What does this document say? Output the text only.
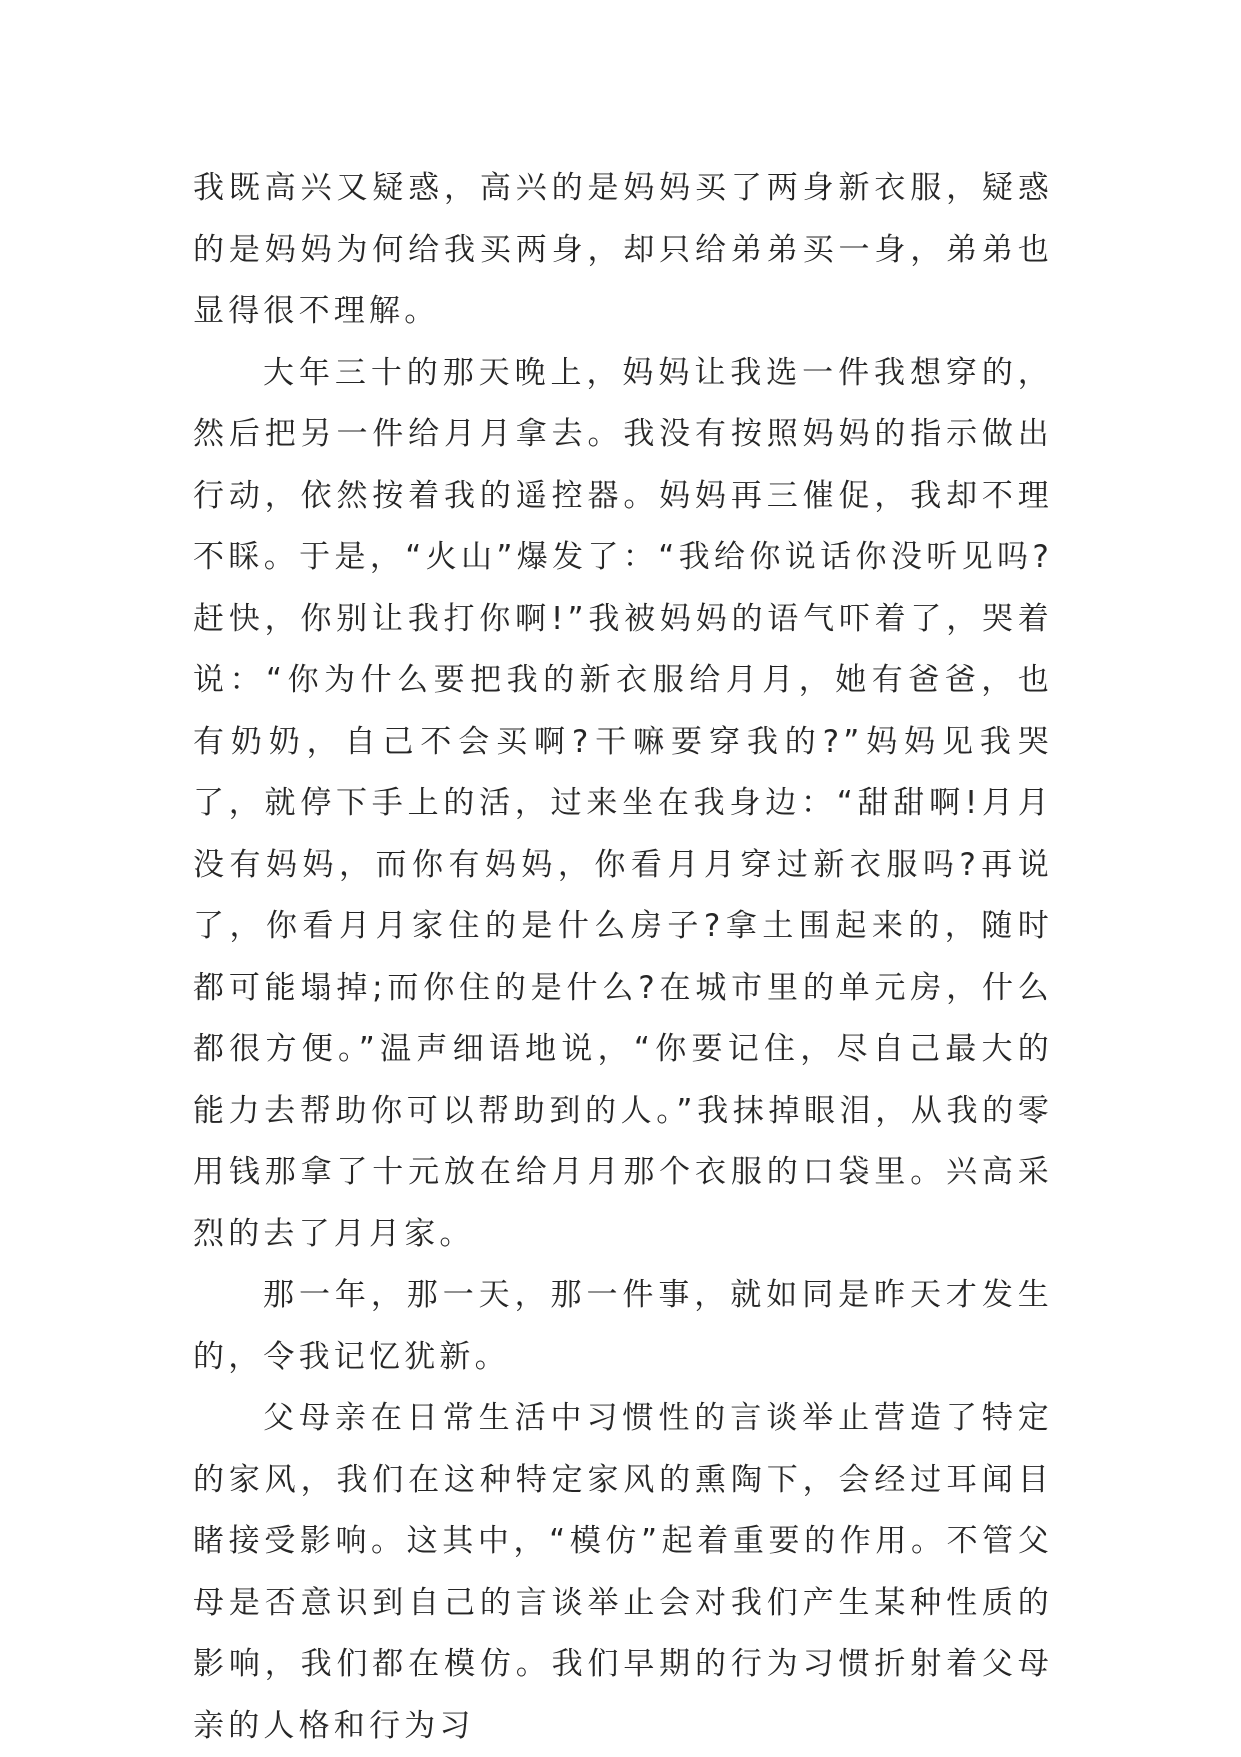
我既高兴又疑惑，高兴的是妈妈买了两身新衣服，疑惑的是妈妈为何给我买两身，却只给弟弟买一身，弟弟也显得很不理解。

大年三十的那天晚上，妈妈让我选一件我想穿的，然后把另一件给月月拿去。我没有按照妈妈的指示做出行动，依然按着我的遥控器。妈妈再三催促，我却不理不睬。于是，“火山”爆发了：“我给你说话你没听见吗?赶快，你别让我打你啊!”我被妈妈的语气吓着了，哭着说：“你为什么要把我的新衣服给月月，她有爸爸，也有奶奶，自己不会买啊?干嘛要穿我的?”妈妈见我哭了，就停下手上的活，过来坐在我身边：“甜甜啊!月月没有妈妈，而你有妈妈，你看月月穿过新衣服吗?再说了，你看月月家住的是什么房子?拿土围起来的，随时都可能塌掉;而你住的是什么?在城市里的单元房，什么都很方便。”温声细语地说，“你要记住，尽自己最大的能力去帮助你可以帮助到的人。”我抹掉眼泪，从我的零用钱那拿了十元放在给月月那个衣服的口袋里。兴高采烈的去了月月家。

那一年，那一天，那一件事，就如同是昨天才发生的，令我记忆犹新。

父母亲在日常生活中习惯性的言谈举止营造了特定的家风，我们在这种特定家风的熏陶下，会经过耳闻目睹接受影响。这其中，“模仿”起着重要的作用。不管父母是否意识到自己的言谈举止会对我们产生某种性质的影响，我们都在模仿。我们早期的行为习惯折射着父母亲的人格和行为习
